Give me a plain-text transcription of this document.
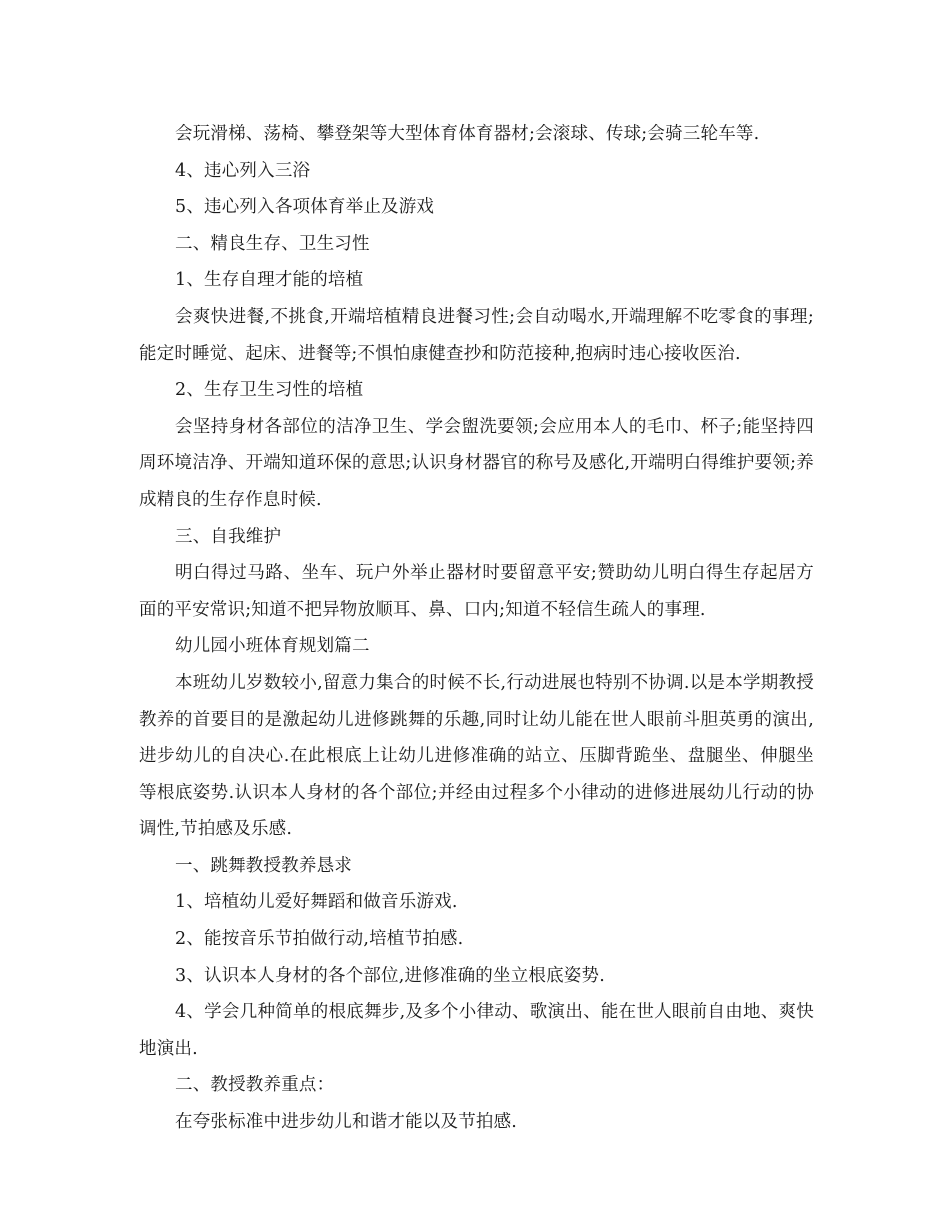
会玩滑梯、荡椅、攀登架等大型体育体育器材;会滚球、传球;会骑三轮车等.

4、违心列入三浴

5、违心列入各项体育举止及游戏

二、精良生存、卫生习性

1、生存自理才能的培植

会爽快进餐,不挑食,开端培植精良进餐习性;会自动喝水,开端理解不吃零食的事理;能定时睡觉、起床、进餐等;不惧怕康健查抄和防范接种,抱病时违心接收医治.

2、生存卫生习性的培植

会坚持身材各部位的洁净卫生、学会盥洗要领;会应用本人的毛巾、杯子;能坚持四周环境洁净、开端知道环保的意思;认识身材器官的称号及感化,开端明白得维护要领;养成精良的生存作息时候.

三、自我维护

明白得过马路、坐车、玩户外举止器材时要留意平安;赞助幼儿明白得生存起居方面的平安常识;知道不把异物放顺耳、鼻、口内;知道不轻信生疏人的事理.

幼儿园小班体育规划篇二

本班幼儿岁数较小,留意力集合的时候不长,行动进展也特别不协调.以是本学期教授教养的首要目的是激起幼儿进修跳舞的乐趣,同时让幼儿能在世人眼前斗胆英勇的演出,进步幼儿的自决心.在此根底上让幼儿进修准确的站立、压脚背跪坐、盘腿坐、伸腿坐等根底姿势.认识本人身材的各个部位;并经由过程多个小律动的进修进展幼儿行动的协调性,节拍感及乐感.

一、跳舞教授教养恳求

1、培植幼儿爱好舞蹈和做音乐游戏.

2、能按音乐节拍做行动,培植节拍感.

3、认识本人身材的各个部位,进修准确的坐立根底姿势.

4、学会几种简单的根底舞步,及多个小律动、歌演出、能在世人眼前自由地、爽快地演出.

二、教授教养重点：

在夸张标准中进步幼儿和谐才能以及节拍感.
